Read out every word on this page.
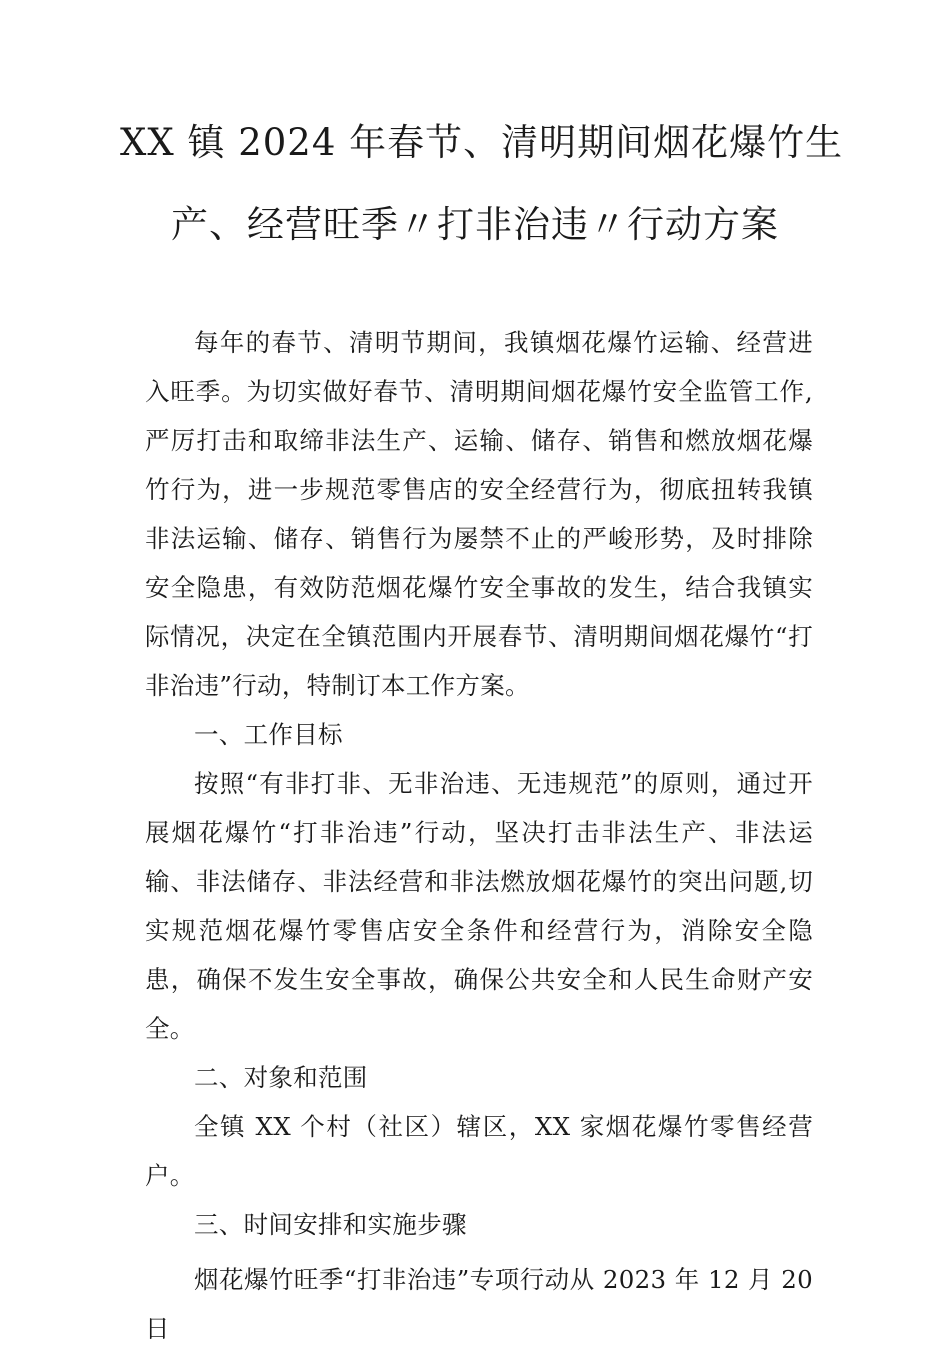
XX 镇 2024 年春节、清明期间烟花爆竹生
产、经营旺季〃打非治违〃行动方案

每年的春节、清明节期间，我镇烟花爆竹运输、经营进入旺季。为切实做好春节、清明期间烟花爆竹安全监管工作,严厉打击和取缔非法生产、运输、储存、销售和燃放烟花爆竹行为，进一步规范零售店的安全经营行为，彻底扭转我镇非法运输、储存、销售行为屡禁不止的严峻形势，及时排除安全隐患，有效防范烟花爆竹安全事故的发生，结合我镇实际情况，决定在全镇范围内开展春节、清明期间烟花爆竹“打非治违”行动，特制订本工作方案。

一、工作目标

按照“有非打非、无非治违、无违规范”的原则，通过开展烟花爆竹“打非治违”行动，坚决打击非法生产、非法运输、非法储存、非法经营和非法燃放烟花爆竹的突出问题,切实规范烟花爆竹零售店安全条件和经营行为，消除安全隐患，确保不发生安全事故，确保公共安全和人民生命财产安全。

二、对象和范围

全镇 XX 个村（社区）辖区，XX 家烟花爆竹零售经营户。

三、时间安排和实施步骤

烟花爆竹旺季“打非治违”专项行动从 2023 年 12 月 20 日
